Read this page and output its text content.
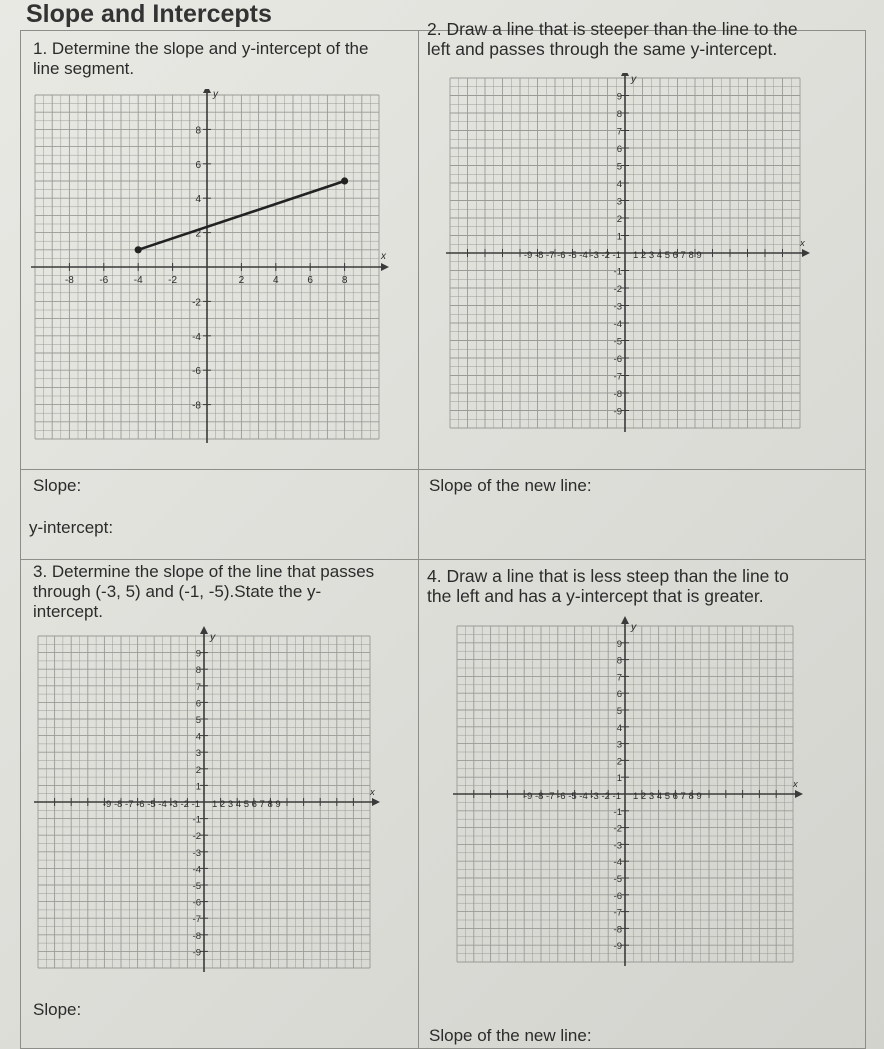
Slope and Intercepts
1. Determine the slope and y-intercept of the
line segment.
-8	-6	-4	-2	2	4	6	8
8
6
4
2
-2
-4
-6
-8
x
y
2. Draw a line that is steeper than the line to the
left and passes through the same y-intercept.
-9 -8 -7 -6 -5 -4 -3 -2 -1 1 2 3 4 5 6 7 8 9
9
8
7
6
5
4
3
2
1
-1
-2
-3
-4
-5
-6
-7
-8
-9
x
y
Slope:
y-intercept:
Slope of the new line:
3. Determine the slope of the line that passes
through (-3, 5) and (-1, -5).State the y-
intercept.
-9 -8 -7 -6 -5 -4 -3 -2 -1 1 2 3 4 5 6 7 8 9
9
8
7
6
5
4
3
2
1
-1
-2
-3
-4
-5
-6
-7
-8
-9
x
y
Slope:
4. Draw a line that is less steep than the line to
the left and has a y-intercept that is greater.
-9 -8 -7 -6 -5 -4 -3 -2 -1 1 2 3 4 5 6 7 8 9
9
8
7
6
5
4
3
2
1
-1
-2
-3
-4
-5
-6
-7
-8
-9
x
y
Slope of the new line:
